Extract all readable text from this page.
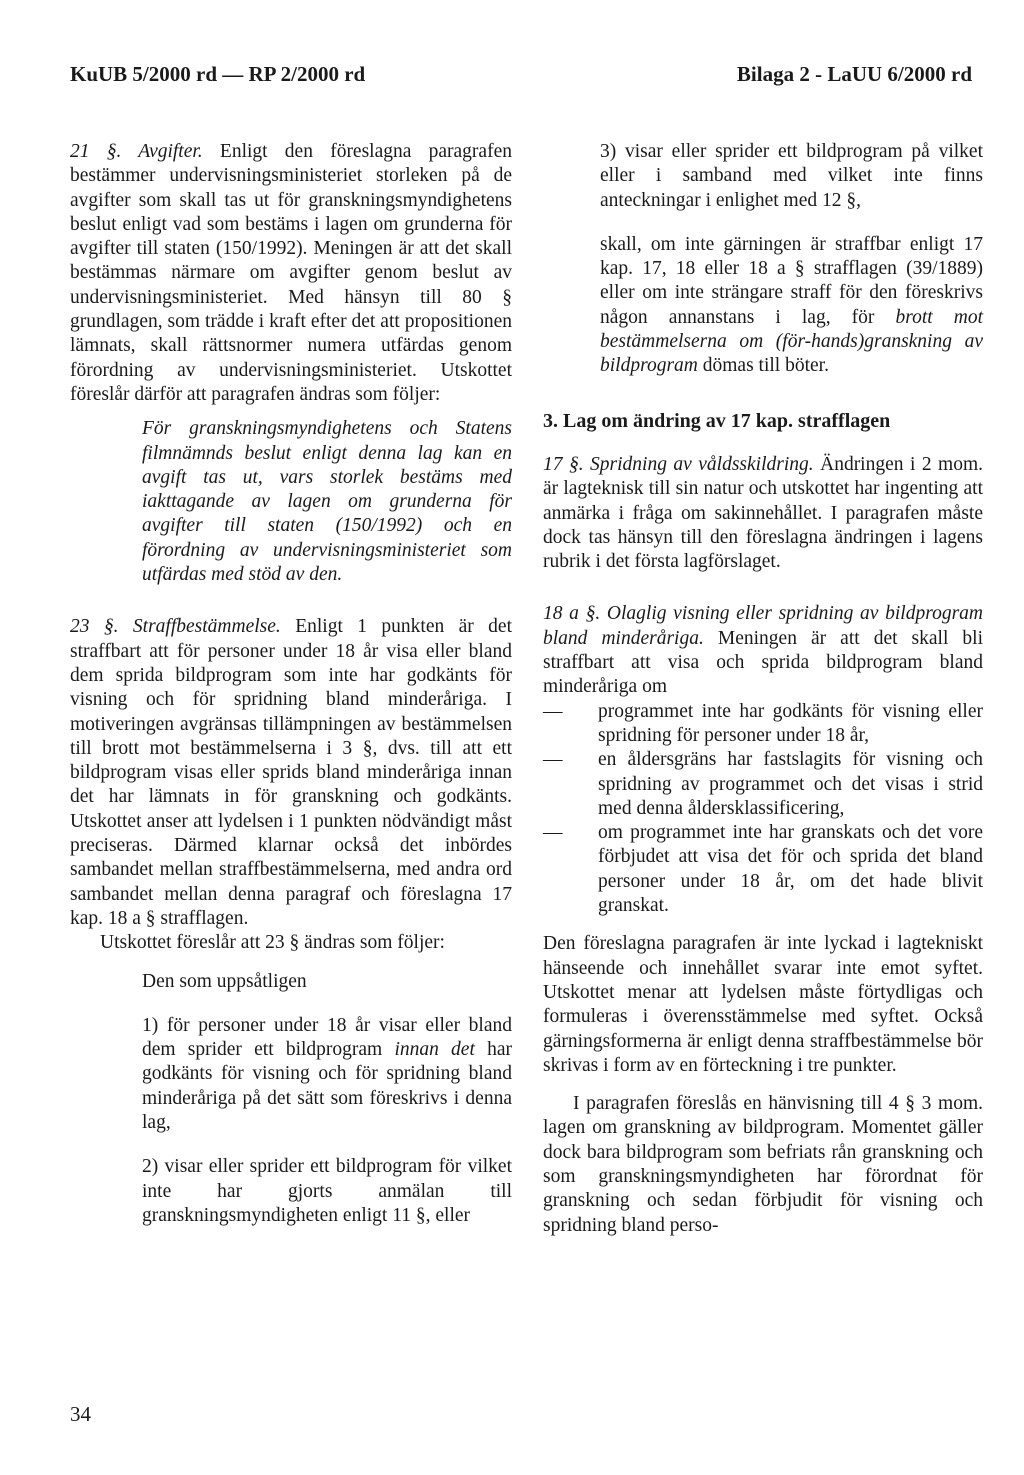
KuUB 5/2000 rd — RP 2/2000 rd	Bilaga 2 - LaUU 6/2000 rd

21 §. Avgifter. Enligt den föreslagna paragrafen bestämmer undervisningsministeriet storleken på de avgifter som skall tas ut för granskningsmyndighetens beslut enligt vad som bestäms i lagen om grunderna för avgifter till staten (150/1992). Meningen är att det skall bestämmas närmare om avgifter genom beslut av undervisningsministeriet. Med hänsyn till 80 § grundlagen, som trädde i kraft efter det att propositionen lämnats, skall rättsnormer numera utfärdas genom förordning av undervisningsministeriet. Utskottet föreslår därför att paragrafen ändras som följer:

För granskningsmyndighetens och Statens filmnämnds beslut enligt denna lag kan en avgift tas ut, vars storlek bestäms med iakttagande av lagen om grunderna för avgifter till staten (150/1992) och en förordning av undervisningsministeriet som utfärdas med stöd av den.

23 §. Straffbestämmelse. Enligt 1 punkten är det straffbart att för personer under 18 år visa eller bland dem sprida bildprogram som inte har godkänts för visning och för spridning bland minderåriga. I motiveringen avgränsas tillämpningen av bestämmelsen till brott mot bestämmelserna i 3 §, dvs. till att ett bildprogram visas eller sprids bland minderåriga innan det har lämnats in för granskning och godkänts. Utskottet anser att lydelsen i 1 punkten nödvändigt måst preciseras. Därmed klarnar också det inbördes sambandet mellan straffbestämmelserna, med andra ord sambandet mellan denna paragraf och föreslagna 17 kap. 18 a § strafflagen.

Utskottet föreslår att 23 § ändras som följer:

Den som uppsåtligen

1) för personer under 18 år visar eller bland dem sprider ett bildprogram innan det har godkänts för visning och för spridning bland minderåriga på det sätt som föreskrivs i denna lag,

2) visar eller sprider ett bildprogram för vilket inte har gjorts anmälan till granskningsmyndigheten enligt 11 §, eller

3) visar eller sprider ett bildprogram på vilket eller i samband med vilket inte finns anteckningar i enlighet med 12 §,

skall, om inte gärningen är straffbar enligt 17 kap. 17, 18 eller 18 a § strafflagen (39/1889) eller om inte strängare straff för den föreskrivs någon annanstans i lag, för brott mot bestämmelserna om (för-hands)granskning av bildprogram dömas till böter.

3. Lag om ändring av 17 kap. strafflagen

17 §. Spridning av våldsskildring. Ändringen i 2 mom. är lagteknisk till sin natur och utskottet har ingenting att anmärka i fråga om sakinnehållet. I paragrafen måste dock tas hänsyn till den föreslagna ändringen i lagens rubrik i det första lagförslaget.

18 a §. Olaglig visning eller spridning av bildprogram bland minderåriga. Meningen är att det skall bli straffbart att visa och sprida bildprogram bland minderåriga om

— programmet inte har godkänts för visning eller spridning för personer under 18 år,
— en åldersgräns har fastslagits för visning och spridning av programmet och det visas i strid med denna åldersklassificering,
— om programmet inte har granskats och det vore förbjudet att visa det för och sprida det bland personer under 18 år, om det hade blivit granskat.

Den föreslagna paragrafen är inte lyckad i lagtekniskt hänseende och innehållet svarar inte emot syftet. Utskottet menar att lydelsen måste förtydligas och formuleras i överensstämmelse med syftet. Också gärningsformerna är enligt denna straffbestämmelse bör skrivas i form av en förteckning i tre punkter.

I paragrafen föreslås en hänvisning till 4 § 3 mom. lagen om granskning av bildprogram. Momentet gäller dock bara bildprogram som befriats rån granskning och som granskningsmyndigheten har förordnat för granskning och sedan förbjudit för visning och spridning bland perso-

34
